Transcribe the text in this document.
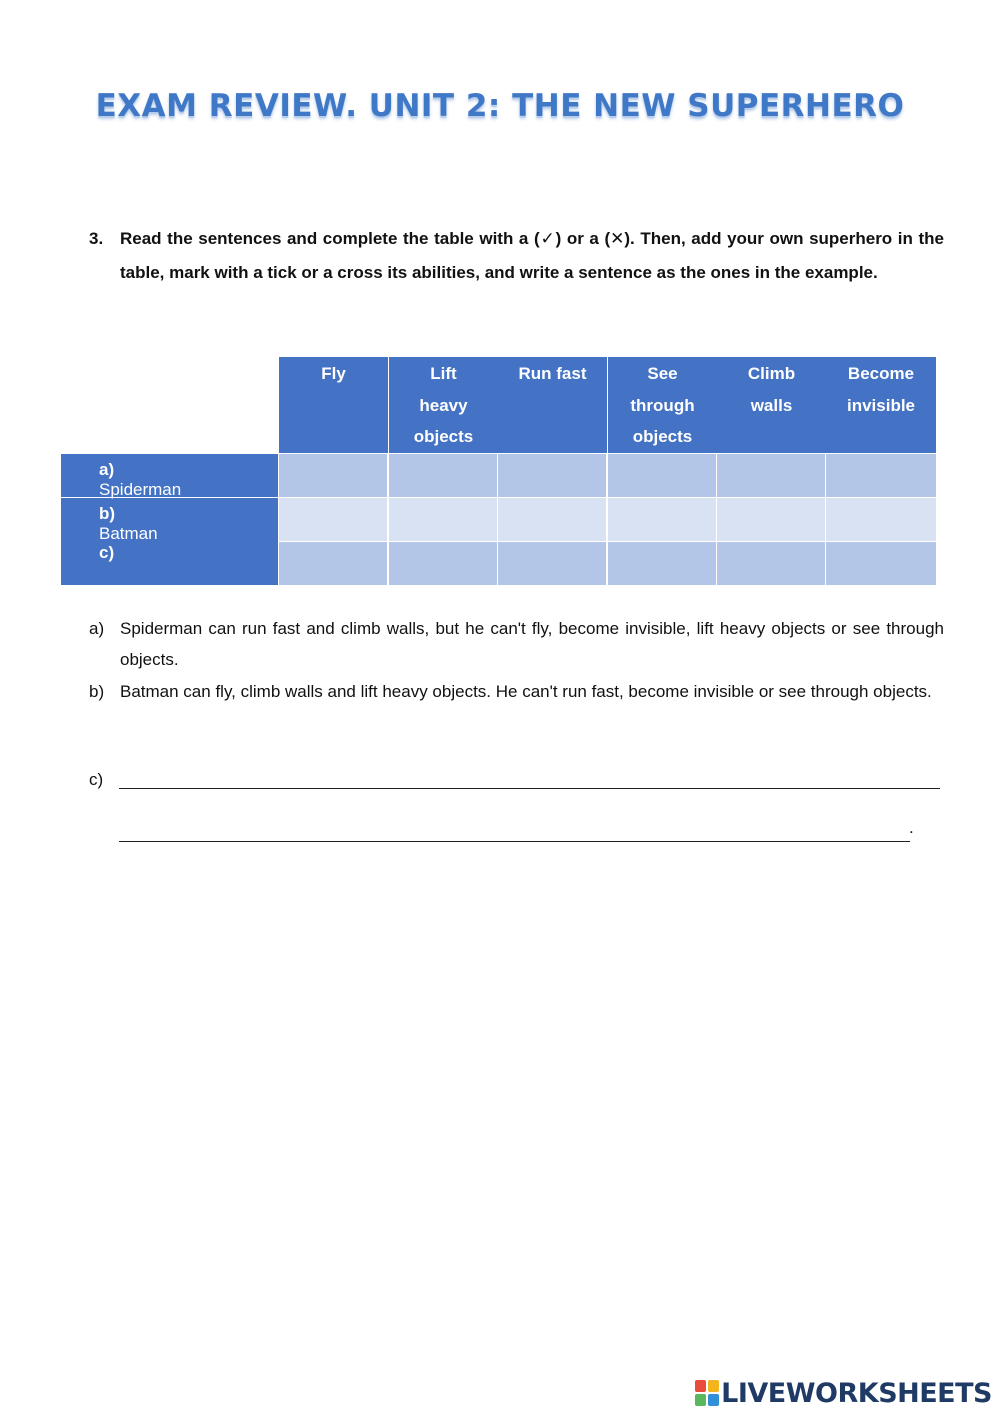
EXAM REVIEW. UNIT 2: THE NEW SUPERHERO
3. Read the sentences and complete the table with a (✓) or a (✕). Then, add your own superhero in the table, mark with a tick or a cross its abilities, and write a sentence as the ones in the example.
Fly	Lift
heavy
objects
Run fast	See
through
objects
Climb
walls
Become
invisible
a)Spiderman
b)Batman
c)
a) Spiderman can run fast and climb walls, but he can't fly, become invisible, lift heavy objects or see through objects.
b) Batman can fly, climb walls and lift heavy objects. He can't run fast, become invisible or see through objects.
c)
.
LIVEWORKSHEETS
